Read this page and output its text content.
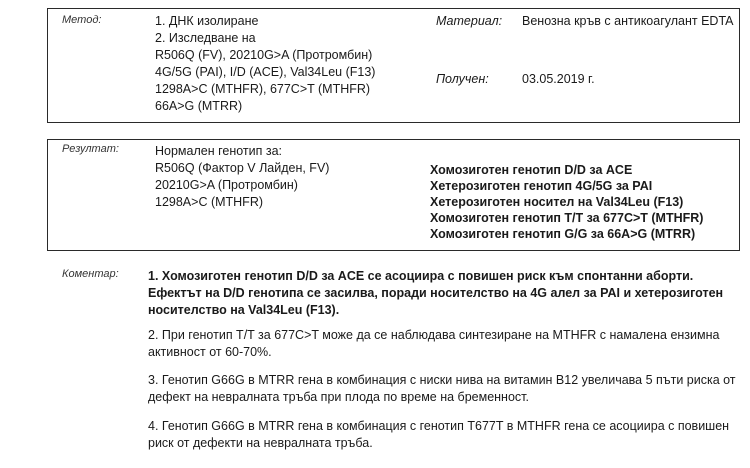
Метод:	1. ДНК изолиране
2. Изследване на
R506Q (FV), 20210G>A (Протромбин)
4G/5G (PAI), I/D (ACE), Val34Leu (F13)
1298A>C (MTHFR), 677C>T (MTHFR)
66A>G (MTRR)
Материал: Венозна кръв с антикоагулант EDTA
Получен:	03.05.2019 г.
Резултат:	Нормален генотип за:
R506Q (Фактор V Лайден, FV)
20210G>A (Протромбин)
1298A>C (MTHFR)
Хомозиготен генотип D/D за ACE
Хетерозиготен генотип 4G/5G за PAI
Хетерозиготен носител на Val34Leu (F13)
Хомозиготен генотип T/T за 677C>T (MTHFR)
Хомозиготен генотип G/G за 66A>G (MTRR)
Коментар: 1. Хомозиготен генотип D/D за ACE се асоциира с повишен риск към спонтанни аборти. Ефектът на D/D генотипа се засилва, поради носителство на 4G алел за PAI и хетерозиготен носителство на Val34Leu (F13).
2. При генотип T/T за 677C>T може да се наблюдава синтезиране на MTHFR с намалена ензимна активност от 60-70%.
3. Генотип G66G в MTRR гена в комбинация с ниски нива на витамин B12 увеличава 5 пъти риска от дефект на невралната тръба при плода по време на бременност.
4. Генотип G66G в MTRR гена в комбинация с генотип T677T в MTHFR гена се асоциира с повишен риск от дефекти на невралната тръба.
